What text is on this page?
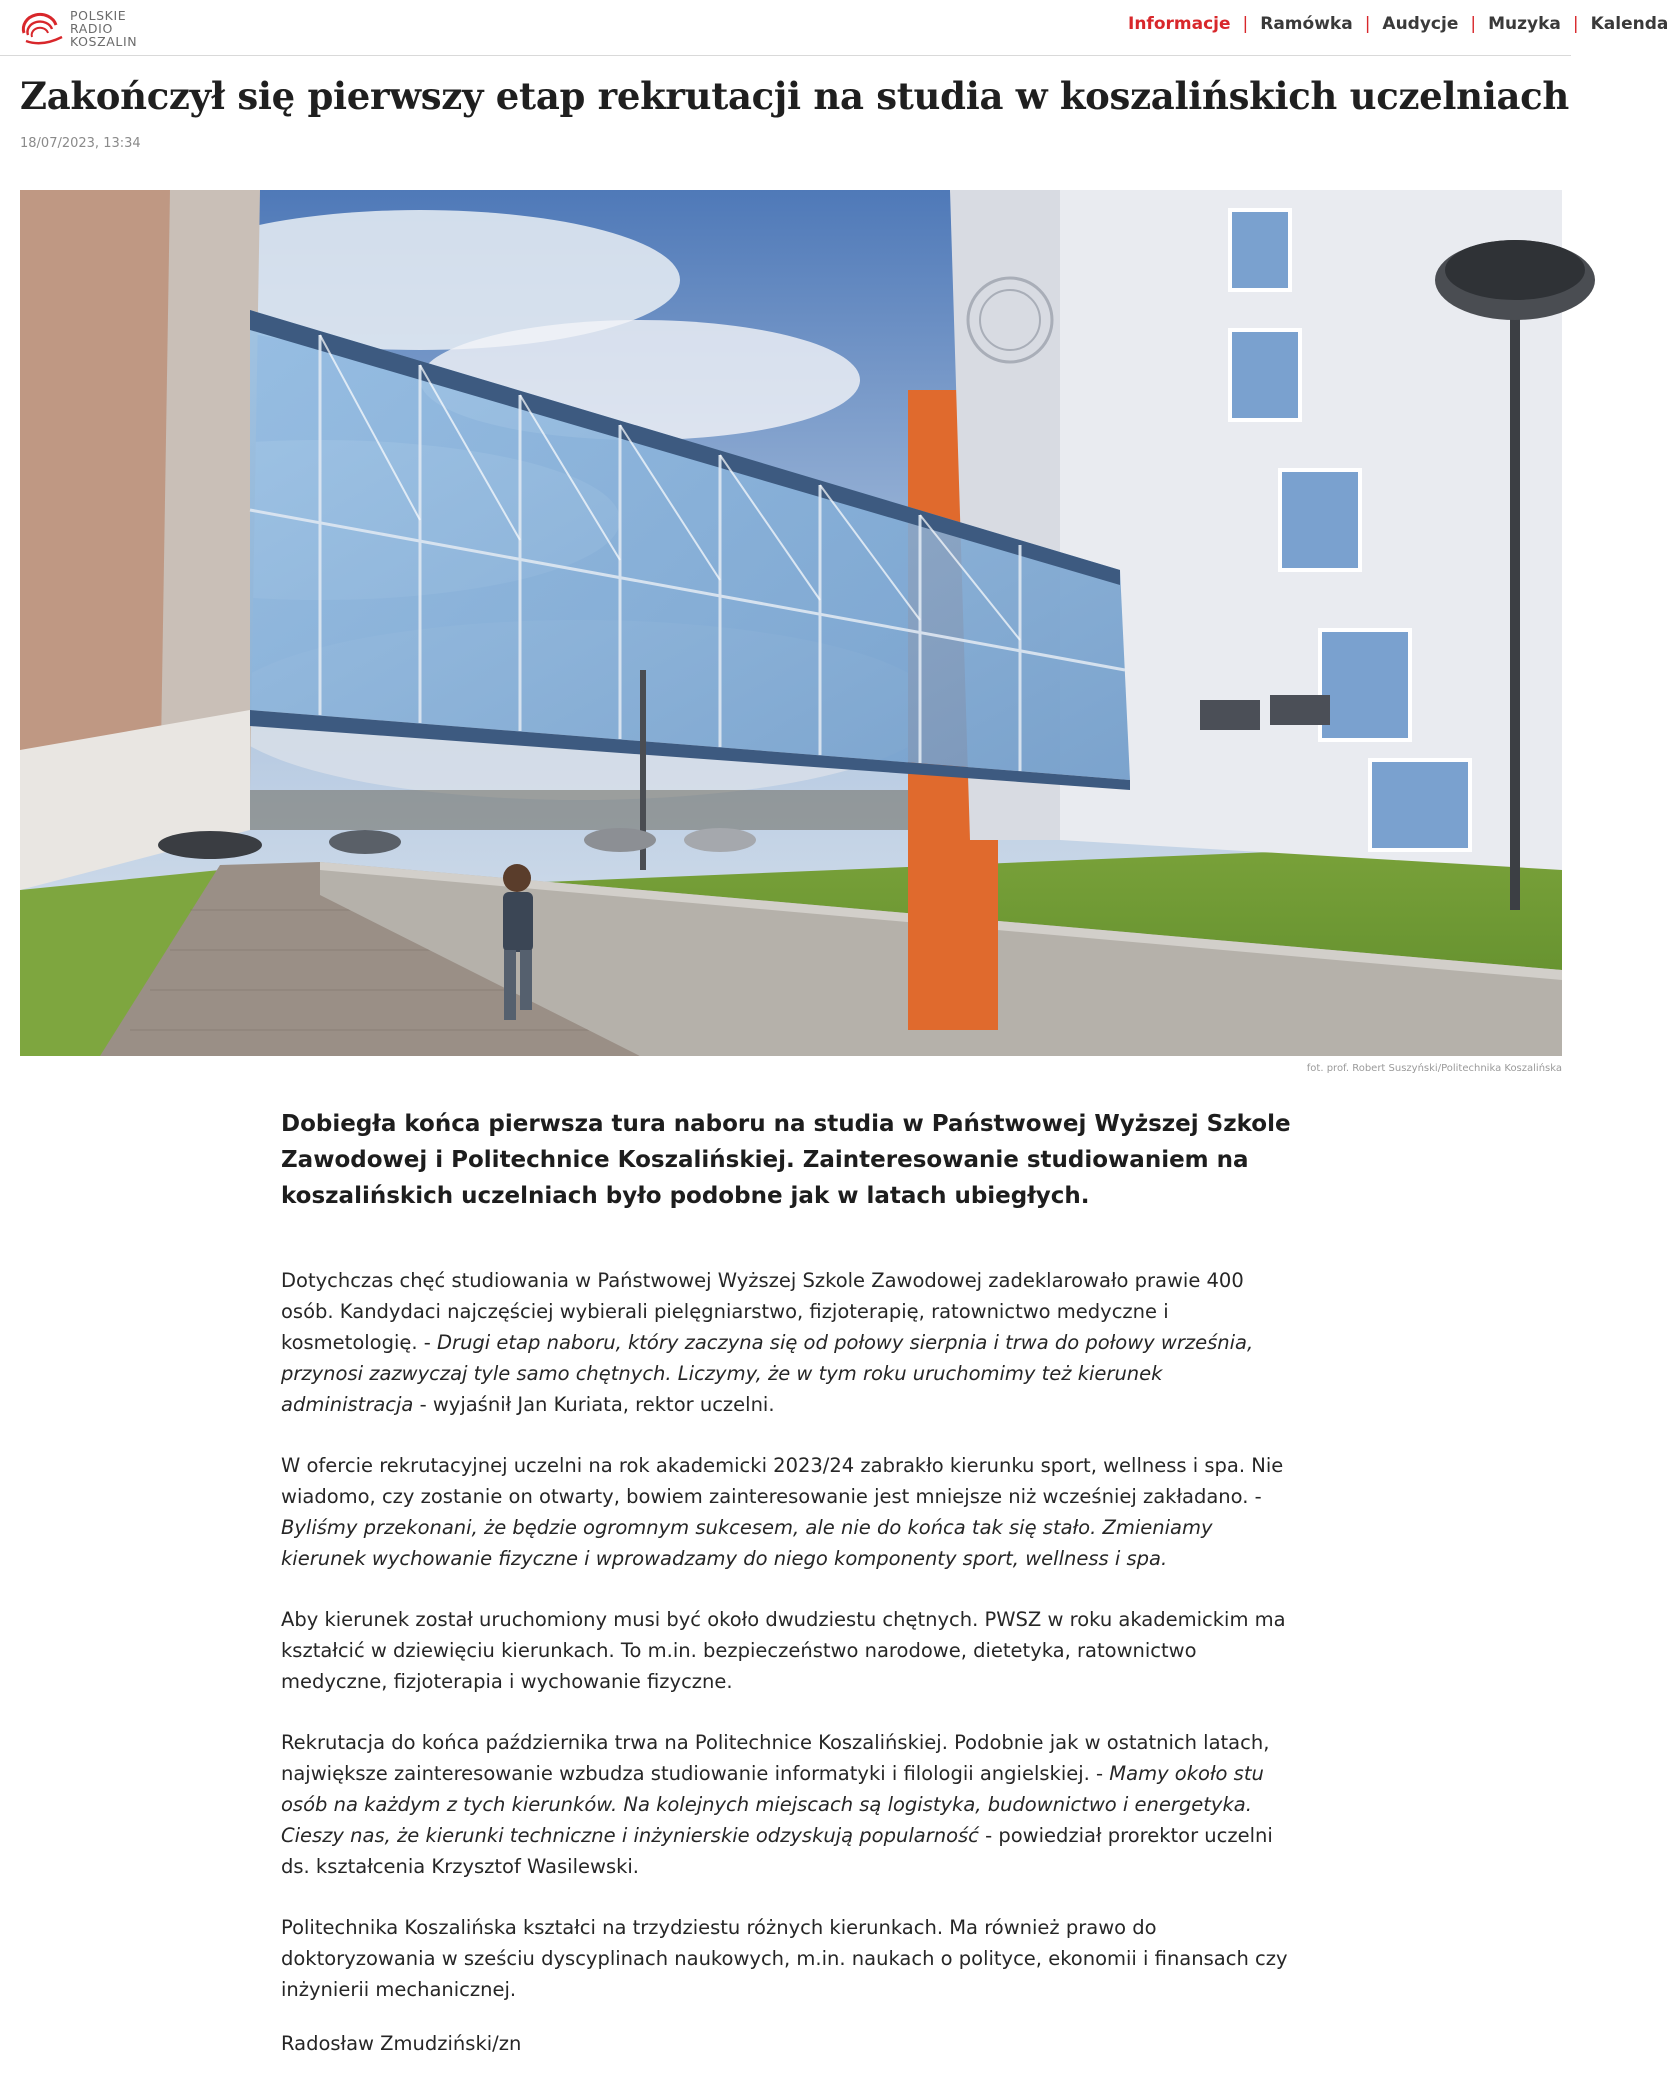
POLSKIE
RADIO
KOSZALIN
Informacje | Ramówka | Audycje | Muzyka | Kalenda
Zakończył się pierwszy etap rekrutacji na studia w koszalińskich uczelniach
18/07/2023, 13:34
fot. prof. Robert Suszyński/Politechnika Koszalińska

Dobiegła końca pierwsza tura naboru na studia w Państwowej Wyższej Szkole Zawodowej i Politechnice Koszalińskiej. Zainteresowanie studiowaniem na koszalińskich uczelniach było podobne jak w latach ubiegłych.

Dotychczas chęć studiowania w Państwowej Wyższej Szkole Zawodowej zadeklarowało prawie 400 osób. Kandydaci najczęściej wybierali pielęgniarstwo, fizjoterapię, ratownictwo medyczne i kosmetologię. - Drugi etap naboru, który zaczyna się od połowy sierpnia i trwa do połowy września, przynosi zazwyczaj tyle samo chętnych. Liczymy, że w tym roku uruchomimy też kierunek administracja - wyjaśnił Jan Kuriata, rektor uczelni.

W ofercie rekrutacyjnej uczelni na rok akademicki 2023/24 zabrakło kierunku sport, wellness i spa. Nie wiadomo, czy zostanie on otwarty, bowiem zainteresowanie jest mniejsze niż wcześniej zakładano. - Byliśmy przekonani, że będzie ogromnym sukcesem, ale nie do końca tak się stało. Zmieniamy kierunek wychowanie fizyczne i wprowadzamy do niego komponenty sport, wellness i spa.

Aby kierunek został uruchomiony musi być około dwudziestu chętnych. PWSZ w roku akademickim ma kształcić w dziewięciu kierunkach. To m.in. bezpieczeństwo narodowe, dietetyka, ratownictwo medyczne, fizjoterapia i wychowanie fizyczne.

Rekrutacja do końca października trwa na Politechnice Koszalińskiej. Podobnie jak w ostatnich latach, największe zainteresowanie wzbudza studiowanie informatyki i filologii angielskiej. - Mamy około stu osób na każdym z tych kierunków. Na kolejnych miejscach są logistyka, budownictwo i energetyka. Cieszy nas, że kierunki techniczne i inżynierskie odzyskują popularność - powiedział prorektor uczelni ds. kształcenia Krzysztof Wasilewski.

Politechnika Koszalińska kształci na trzydziestu różnych kierunkach. Ma również prawo do doktoryzowania w sześciu dyscyplinach naukowych, m.in. naukach o polityce, ekonomii i finansach czy inżynierii mechanicznej.

Radosław Zmudziński/zn
